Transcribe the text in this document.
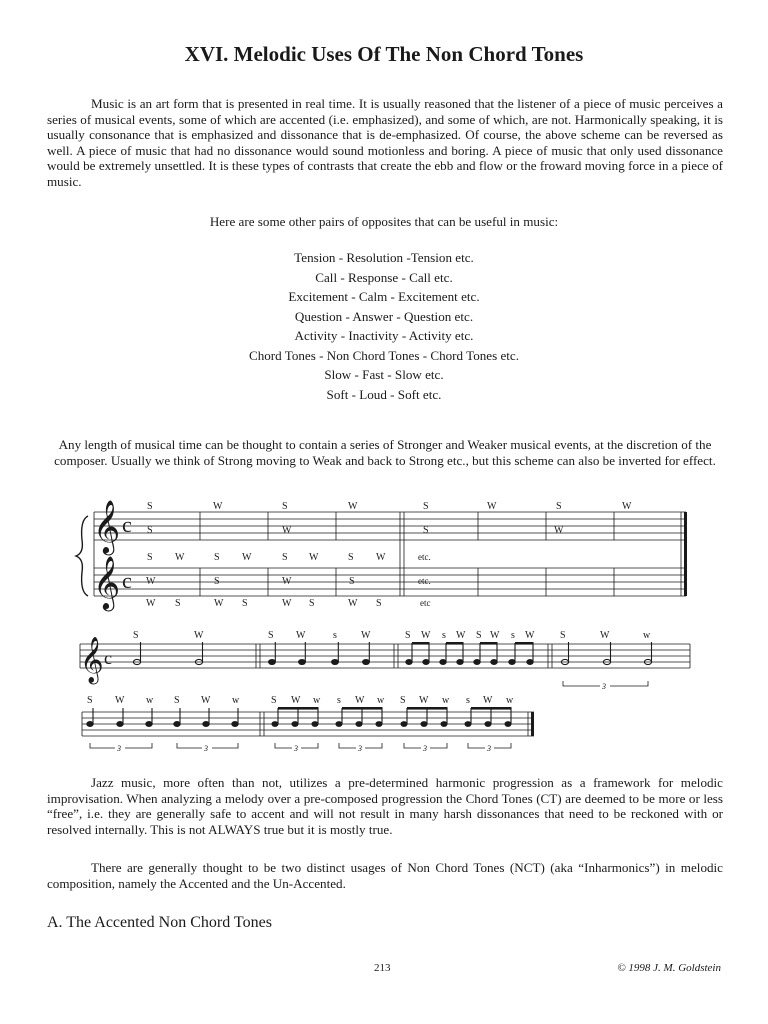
XVI. Melodic Uses Of The Non Chord Tones
Music is an art form that is presented in real time. It is usually reasoned that the listener of a piece of music perceives a series of musical events, some of which are accented (i.e. emphasized), and some of which, are not. Harmonically speaking, it is usually consonance that is emphasized and dissonance that is de-emphasized. Of course, the above scheme can be reversed as well. A piece of music that had no dissonance would sound motionless and boring. A piece of music that only used dissonance would be extremely unsettled. It is these types of contrasts that create the ebb and flow or the froward moving force in a piece of music.
Here are some other pairs of opposites that can be useful in music:
Tension - Resolution -Tension etc.
Call - Response - Call etc.
Excitement - Calm - Excitement etc.
Question - Answer - Question etc.
Activity - Inactivity - Activity etc.
Chord Tones - Non Chord Tones - Chord Tones etc.
Slow - Fast - Slow etc.
Soft - Loud - Soft etc.
Any length of musical time can be thought to contain a series of Stronger and Weaker musical events, at the discretion of the composer. Usually we think of Strong moving to Weak and back to Strong etc., but this scheme can also be inverted for effect.
𝄞
𝄞
c
c
S	W	S	W	S	W	S	W
S	W	S	W
S W	S W	S W	S W
W	S	W	S
W S	W S	W S	W S
etc.
etc.
etc
𝄞 c
3
S	W	S W	s W	S W s W S W s W	S	W	w
3	3	3	3	3	3
S W w S W w	S W w s W w S W w s W w
Jazz music, more often than not, utilizes a pre-determined harmonic progression as a framework for melodic improvisation. When analyzing a melody over a pre-composed progression the Chord Tones (CT) are deemed to be more or less “free”, i.e. they are generally safe to accent and will not result in many harsh dissonances that need to be reckoned with or resolved internally. This is not ALWAYS true but it is mostly true.
There are generally thought to be two distinct usages of Non Chord Tones (NCT) (aka “Inharmonics”) in melodic composition, namely the Accented and the Un-Accented.
A. The Accented Non Chord Tones
213	© 1998 J. M. Goldstein
